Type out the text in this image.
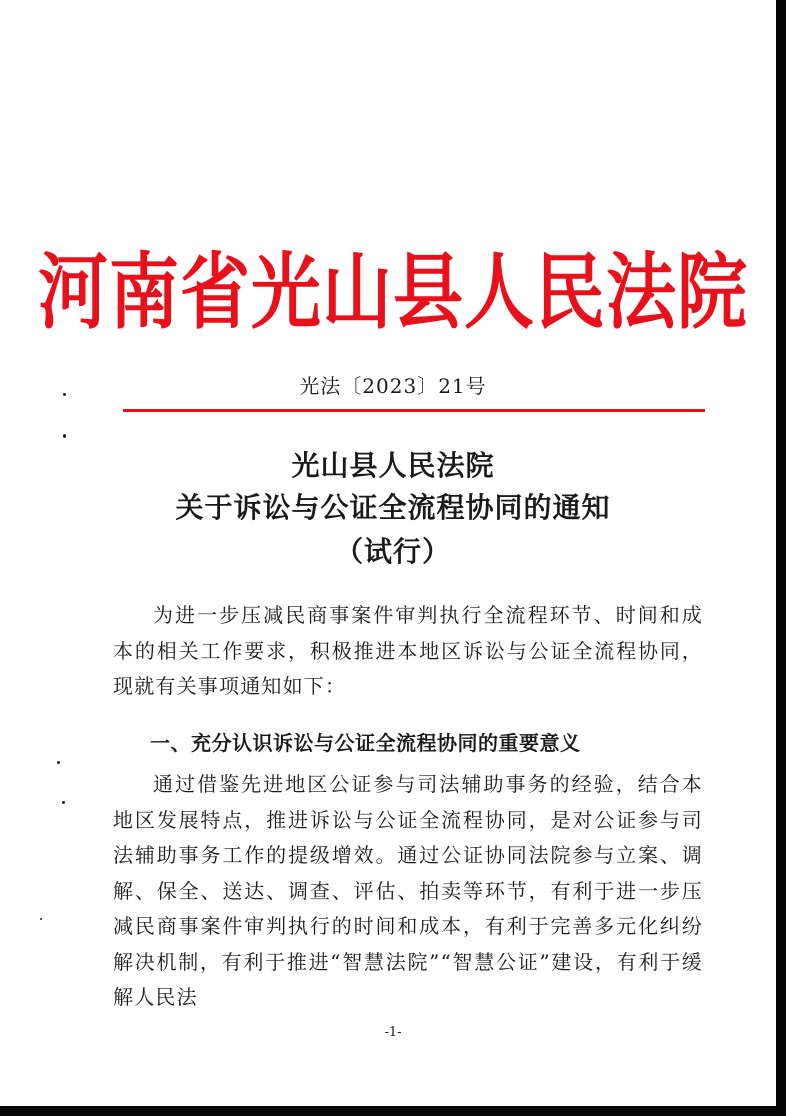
河南省光山县人民法院
光法〔2023〕21号
光山县人民法院
关于诉讼与公证全流程协同的通知
（试行）
为进一步压减民商事案件审判执行全流程环节、时间和成本的相关工作要求，积极推进本地区诉讼与公证全流程协同，现就有关事项通知如下：
一、充分认识诉讼与公证全流程协同的重要意义
通过借鉴先进地区公证参与司法辅助事务的经验，结合本地区发展特点，推进诉讼与公证全流程协同，是对公证参与司法辅助事务工作的提级增效。通过公证协同法院参与立案、调解、保全、送达、调查、评估、拍卖等环节，有利于进一步压减民商事案件审判执行的时间和成本，有利于完善多元化纠纷解决机制，有利于推进“智慧法院”“智慧公证”建设，有利于缓解人民法
-1-
